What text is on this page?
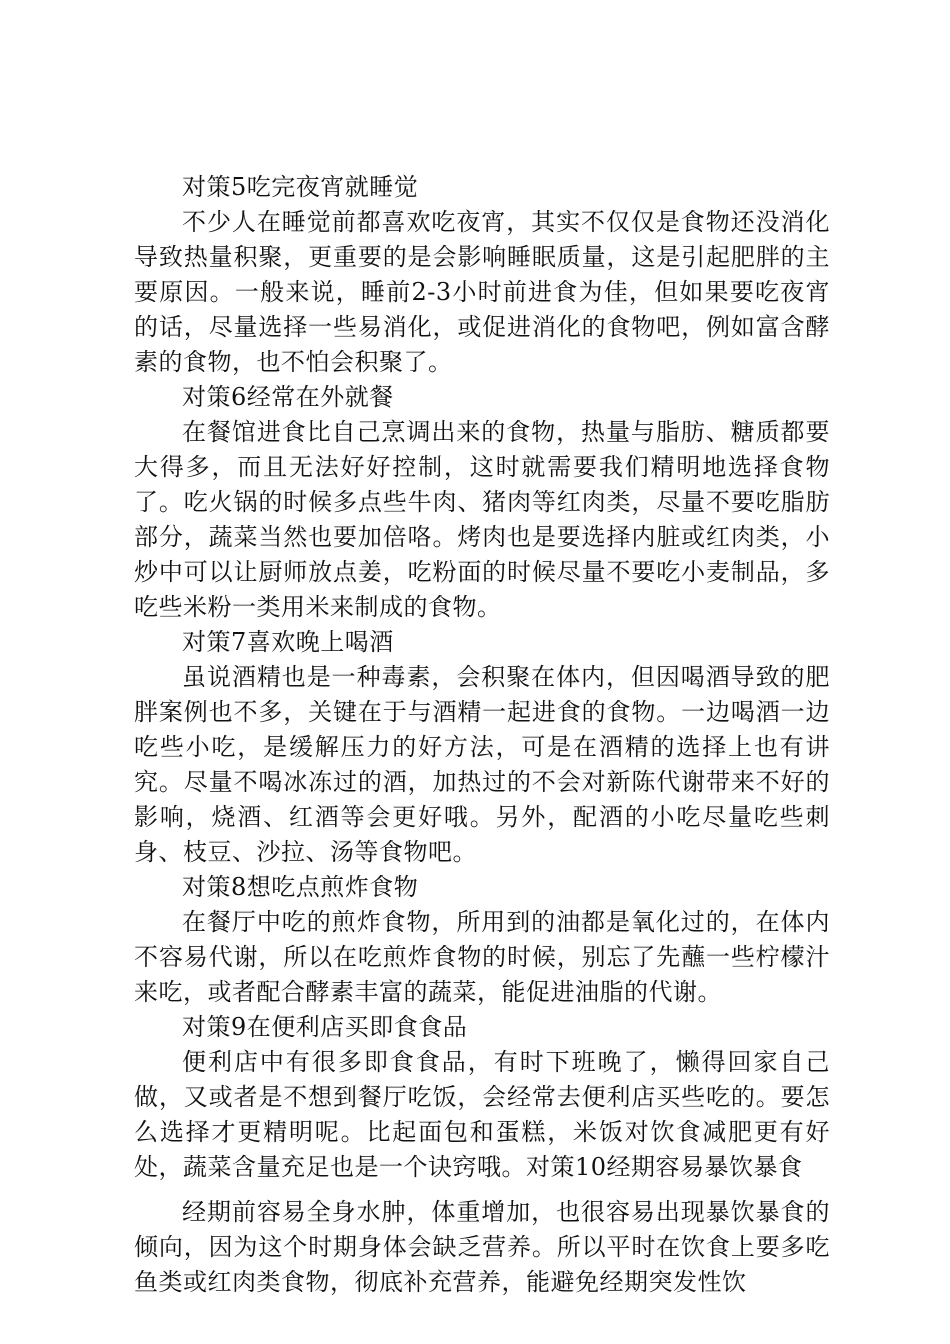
对策5吃完夜宵就睡觉

不少人在睡觉前都喜欢吃夜宵，其实不仅仅是食物还没消化导致热量积聚，更重要的是会影响睡眠质量，这是引起肥胖的主要原因。一般来说，睡前2-3小时前进食为佳，但如果要吃夜宵的话，尽量选择一些易消化，或促进消化的食物吧，例如富含酵素的食物，也不怕会积聚了。

对策6经常在外就餐

在餐馆进食比自己烹调出来的食物，热量与脂肪、糖质都要大得多，而且无法好好控制，这时就需要我们精明地选择食物了。吃火锅的时候多点些牛肉、猪肉等红肉类，尽量不要吃脂肪部分，蔬菜当然也要加倍咯。烤肉也是要选择内脏或红肉类，小炒中可以让厨师放点姜，吃粉面的时候尽量不要吃小麦制品，多吃些米粉一类用米来制成的食物。

对策7喜欢晚上喝酒

虽说酒精也是一种毒素，会积聚在体内，但因喝酒导致的肥胖案例也不多，关键在于与酒精一起进食的食物。一边喝酒一边吃些小吃，是缓解压力的好方法，可是在酒精的选择上也有讲究。尽量不喝冰冻过的酒，加热过的不会对新陈代谢带来不好的影响，烧酒、红酒等会更好哦。另外，配酒的小吃尽量吃些刺身、枝豆、沙拉、汤等食物吧。

对策8想吃点煎炸食物

在餐厅中吃的煎炸食物，所用到的油都是氧化过的，在体内不容易代谢，所以在吃煎炸食物的时候，别忘了先蘸一些柠檬汁来吃，或者配合酵素丰富的蔬菜，能促进油脂的代谢。

对策9在便利店买即食食品

便利店中有很多即食食品，有时下班晚了，懒得回家自己做，又或者是不想到餐厅吃饭，会经常去便利店买些吃的。要怎么选择才更精明呢。比起面包和蛋糕，米饭对饮食减肥更有好处，蔬菜含量充足也是一个诀窍哦。对策10经期容易暴饮暴食

经期前容易全身水肿，体重增加，也很容易出现暴饮暴食的倾向，因为这个时期身体会缺乏营养。所以平时在饮食上要多吃鱼类或红肉类食物，彻底补充营养，能避免经期突发性饮
